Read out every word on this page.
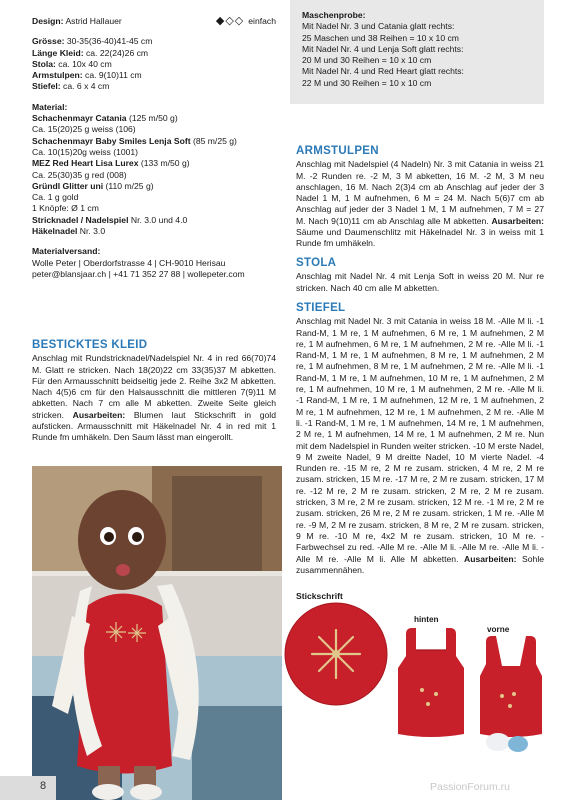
Design: Astrid Hallauer	◆◇◇ einfach

Grösse: 30-35(36-40)41-45 cm

Länge Kleid: ca. 22(24)26 cm

Stola: ca. 10x 40 cm

Armstulpen: ca. 9(10)11 cm

Stiefel: ca. 6 x 4 cm

Material:

Schachenmayr Catania (125 m/50 g)

Ca. 15(20)25 g weiss (106)

Schachenmayr Baby Smiles Lenja Soft (85 m/25 g)

Ca. 10(15)20g weiss (1001)

MEZ Red Heart Lisa Lurex (133 m/50 g)

Ca. 25(30)35 g red (008)

Gründl Glitter uni (110 m/25 g)

Ca. 1 g gold

1 Knöpfe: Ø 1 cm

Stricknadel / Nadelspiel Nr. 3.0 und 4.0

Häkelnadel Nr. 3.0

Materialversand:

Wolle Peter | Oberdorfstrasse 4 | CH-9010 Herisau

peter@blansjaar.ch | +41 71 352 27 88 | wollepeter.com

BESTICKTES KLEID

Anschlag mit Rundstricknadel/Nadelspiel Nr. 4 in red 66(70)74 M. Glatt re stricken. Nach 18(20)22 cm 33(35)37 M abketten. Für den Armausschnitt beidseitig jede 2. Reihe 3x2 M abketten. Nach 4(5)6 cm für den Halsausschnitt die mittleren 7(9)11 M abketten. Nach 7 cm alle M abketten. Zweite Seite gleich stricken. Ausarbeiten: Blumen laut Stickschrift in gold aufsticken. Armausschnitt mit Häkelnadel Nr. 4 in red mit 1 Runde fm umhäkeln. Den Saum lässt man eingerollt.

Maschenprobe:

Mit Nadel Nr. 3 und Catania glatt rechts:

25 Maschen und 38 Reihen = 10 x 10 cm

Mit Nadel Nr. 4 und Lenja Soft glatt rechts:

20 M und 30 Reihen = 10 x 10 cm

Mit Nadel Nr. 4 und Red Heart glatt rechts:

22 M und 30 Reihen = 10 x 10 cm

ARMSTULPEN

Anschlag mit Nadelspiel (4 Nadeln) Nr. 3 mit Catania in weiss 21 M. -2 Runden re. -2 M, 3 M abketten, 16 M. -2 M, 3 M neu anschlagen, 16 M. Nach 2(3)4 cm ab Anschlag auf jeder der 3 Nadel 1 M, 1 M aufnehmen, 6 M = 24 M. Nach 5(6)7 cm ab Anschlag auf jeder der 3 Nadel 1 M, 1 M aufnehmen, 7 M = 27 M. Nach 9(10)11 cm ab Anschlag alle M abketten. Ausarbeiten: Säume und Daumenschlitz mit Häkelnadel Nr. 3 in weiss mit 1 Runde fm umhäkeln.

STOLA

Anschlag mit Nadel Nr. 4 mit Lenja Soft in weiss 20 M. Nur re stricken. Nach 40 cm alle M abketten.

STIEFEL

Anschlag mit Nadel Nr. 3 mit Catania in weiss 18 M. -Alle M li. -1 Rand-M, 1 M re, 1 M aufnehmen, 6 M re, 1 M aufnehmen, 2 M re, 1 M aufnehmen, 6 M re, 1 M aufnehmen, 2 M re. -Alle M li. -1 Rand-M, 1 M re, 1 M aufnehmen, 8 M re, 1 M aufnehmen, 2 M re, 1 M aufnehmen, 8 M re, 1 M aufnehmen, 2 M re. -Alle M li. -1 Rand-M, 1 M re, 1 M aufnehmen, 10 M re, 1 M aufnehmen, 2 M re, 1 M aufnehmen, 10 M re, 1 M aufnehmen, 2 M re. -Alle M li. -1 Rand-M, 1 M re, 1 M aufnehmen, 12 M re, 1 M aufnehmen, 2 M re, 1 M aufnehmen, 12 M re, 1 M aufnehmen, 2 M re. -Alle M li. -1 Rand-M, 1 M re, 1 M aufnehmen, 14 M re, 1 M aufnehmen, 2 M re, 1 M aufnehmen, 14 M re, 1 M aufnehmen, 2 M re. Nun mit dem Nadelspiel in Runden weiter stricken. -10 M erste Nadel, 9 M zweite Nadel, 9 M dreitte Nadel, 10 M vierte Nadel. -4 Runden re. -15 M re, 2 M re zusam. stricken, 4 M re, 2 M re zusam. stricken, 15 M re. -17 M re, 2 M re zusam. stricken, 17 M re. -12 M re, 2 M re zusam. stricken, 2 M re, 2 M re zusam. stricken, 3 M re, 2 M re zusam. stricken, 12 M re. -1 M re, 2 M re zusam. stricken, 26 M re, 2 M re zusam. stricken, 1 M re. -Alle M re. -9 M, 2 M re zusam. stricken, 8 M re, 2 M re zusam. stricken, 9 M re. -10 M re, 4x2 M re zusam. stricken, 10 M re. -Farbwechsel zu red. -Alle M re. -Alle M li. -Alle M re. -Alle M li. -Alle M re. -Alle M li. Alle M abketten. Ausarbeiten: Sohle zusammennähen.

Stickschrift
hinten
vorne
8	PassionForum.ru
